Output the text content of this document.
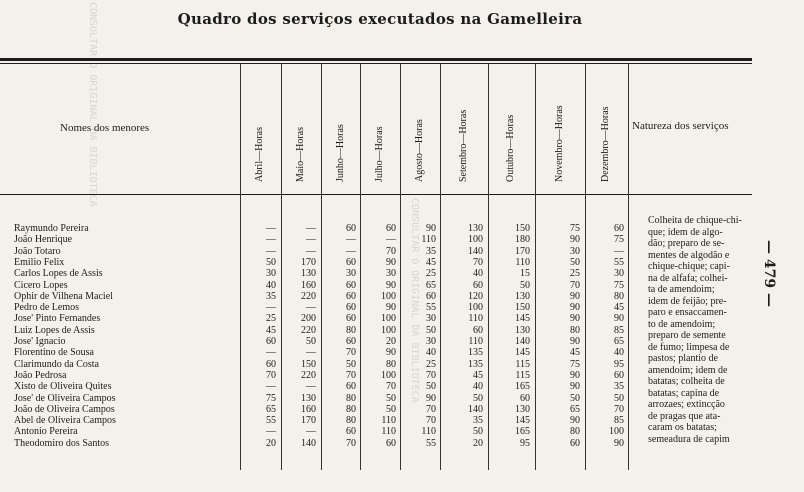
Quadro dos serviços executados na Gamelleira
Nomes dos menores	Natureza dos serviços
Abril—Horas	Maio—Horas	Junho—Horas	Julho—Horas	Agosto—Horas	Setembro—Horas	Outubro—Horas	Novembro—Horas	Dezembro—Horas
Raymundo Pereira	—	—	60	60	90	130	150	75	60
João Henrique	—	—	—	—	110	100	180	90	75
João Totaro	—	—	—	70	35	140	170	30	—
Emilio Felix	50	170	60	90	45	70	110	50	55
Carlos Lopes de Assis	30	130	30	30	25	40	15	25	30
Cicero Lopes	40	160	60	90	65	60	50	70	75
Ophir de Vilhena Maciel	35	220	60	100	60	120	130	90	80
Pedro de Lemos	—	—	60	90	55	100	150	90	45
Jose' Pinto Fernandes	25	200	60	100	30	110	145	90	90
Luiz Lopes de Assis	45	220	80	100	50	60	130	80	85
Jose' Ignacio	60	50	60	20	30	110	140	90	65
Florentino de Sousa	—	—	70	90	40	135	145	45	40
Clarimundo da Costa	60	150	50	80	25	135	115	75	95
João Pedrosa	70	220	70	100	70	45	115	90	60
Xisto de Oliveira Quites	—	—	60	70	50	40	165	90	35
Jose' de Oliveira Campos	75	130	80	50	90	50	60	50	50
João de Oliveira Campos	65	160	80	50	70	140	130	65	70
Abel de Oliveira Campos	55	170	80	110	70	35	145	90	85
Antonio Pereira	—	—	60	110	110	50	165	80	100
Theodomiro dos Santos	20	140	70	60	55	20	95	60	90
Colheita de chique-chi-
que; idem de algo-
dão; preparo de se-
mentes de algodão e
chique-chique; capi-
na de alfafa; colhei-
ta de amendoim;
idem de feijão; pre-
paro e ensaccamen-
to de amendoim;
preparo de semente
de fumo; limpesa de
pastos; plantio de
amendoim; idem de
batatas; colheita de
batatas; capina de
arrozaes; extincção
de pragas que ata-
caram os batatas;
semeadura de capim
— 479 —
CONSULTAR O ORIGINAL DA BIBLIOTECA
CONSULTAR O ORIGINAL DA BIBLIOTECA
